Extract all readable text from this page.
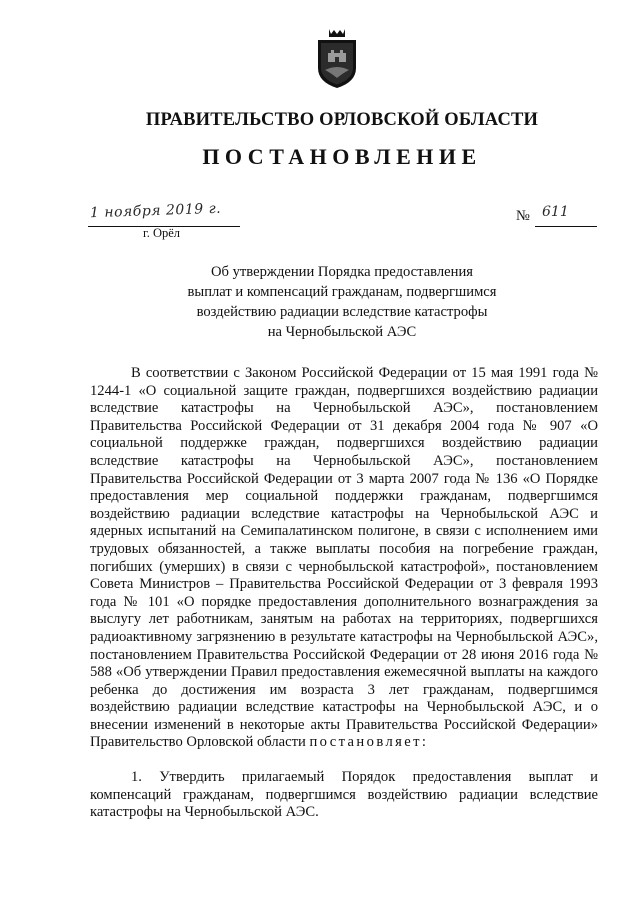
ПРАВИТЕЛЬСТВО ОРЛОВСКОЙ ОБЛАСТИ
ПОСТАНОВЛЕНИЕ
1 ноября 2019 г.
г. Орёл
№ 611
Об утверждении Порядка предоставления
выплат и компенсаций гражданам, подвергшимся
воздействию радиации вследствие катастрофы
на Чернобыльской АЭС

В соответствии с Законом Российской Федерации от 15 мая 1991 года № 1244-1 «О социальной защите граждан, подвергшихся воздействию радиации вследствие катастрофы на Чернобыльской АЭС», постановлением Правительства Российской Федерации от 31 декабря 2004 года № 907 «О социальной поддержке граждан, подвергшихся воздействию радиации вследствие катастрофы на Чернобыльской АЭС», постановлением Правительства Российской Федерации от 3 марта 2007 года № 136 «О Порядке предоставления мер социальной поддержки гражданам, подвергшимся воздействию радиации вследствие катастрофы на Чернобыльской АЭС и ядерных испытаний на Семипалатинском полигоне, в связи с исполнением ими трудовых обязанностей, а также выплаты пособия на погребение граждан, погибших (умерших) в связи с чернобыльской катастрофой», постановлением Совета Министров – Правительства Российской Федерации от 3 февраля 1993 года № 101 «О порядке предоставления дополнительного вознаграждения за выслугу лет работникам, занятым на работах на территориях, подвергшихся радиоактивному загрязнению в результате катастрофы на Чернобыльской АЭС», постановлением Правительства Российской Федерации от 28 июня 2016 года № 588 «Об утверждении Правил предоставления ежемесячной выплаты на каждого ребенка до достижения им возраста 3 лет гражданам, подвергшимся воздействию радиации вследствие катастрофы на Чернобыльской АЭС, и о внесении изменений в некоторые акты Правительства Российской Федерации» Правительство Орловской области постановляет:

1. Утвердить прилагаемый Порядок предоставления выплат и компенсаций гражданам, подвергшимся воздействию радиации вследствие катастрофы на Чернобыльской АЭС.
